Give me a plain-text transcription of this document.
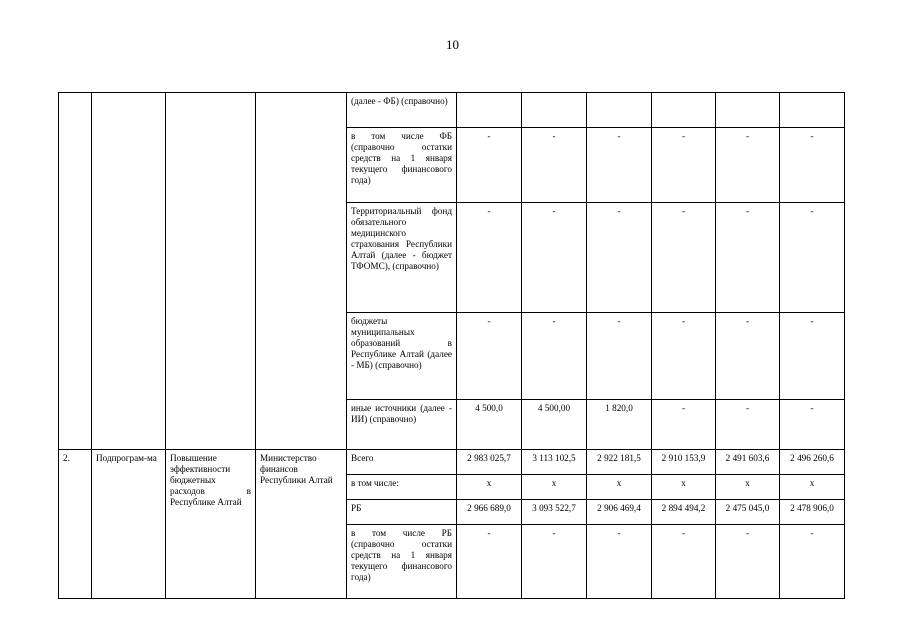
10
				(далее - ФБ) (справочно)						
				в том числе ФБ (справочно остатки средств на 1 января текущего финансового года)	-	-	-	-	-	-
				Территориальный фонд обязательного медицинского страхования Республики Алтай (далее - бюджет ТФОМС), (справочно)	-	-	-	-	-	-
				бюджеты муниципальных образований в Республике Алтай (далее - МБ) (справочно)	-	-	-	-	-	-
				иные источники (далее - ИИ) (справочно)	4 500,0	4 500,00	1 820,0	-	-	-
2.	Подпрограм-ма	Повышение эффективности бюджетных расходов в Республике Алтай	Министерство финансов Республики Алтай	Всего	2 983 025,7	3 113 102,5	2 922 181,5	2 910 153,9	2 491 603,6	2 496 260,6
				в том числе:	х	х	х	х	х	х
				РБ	2 966 689,0	3 093 522,7	2 906 469,4	2 894 494,2	2 475 045,0	2 478 906,0
				в том числе РБ (справочно остатки средств на 1 января текущего финансового года)	-	-	-	-	-	-
